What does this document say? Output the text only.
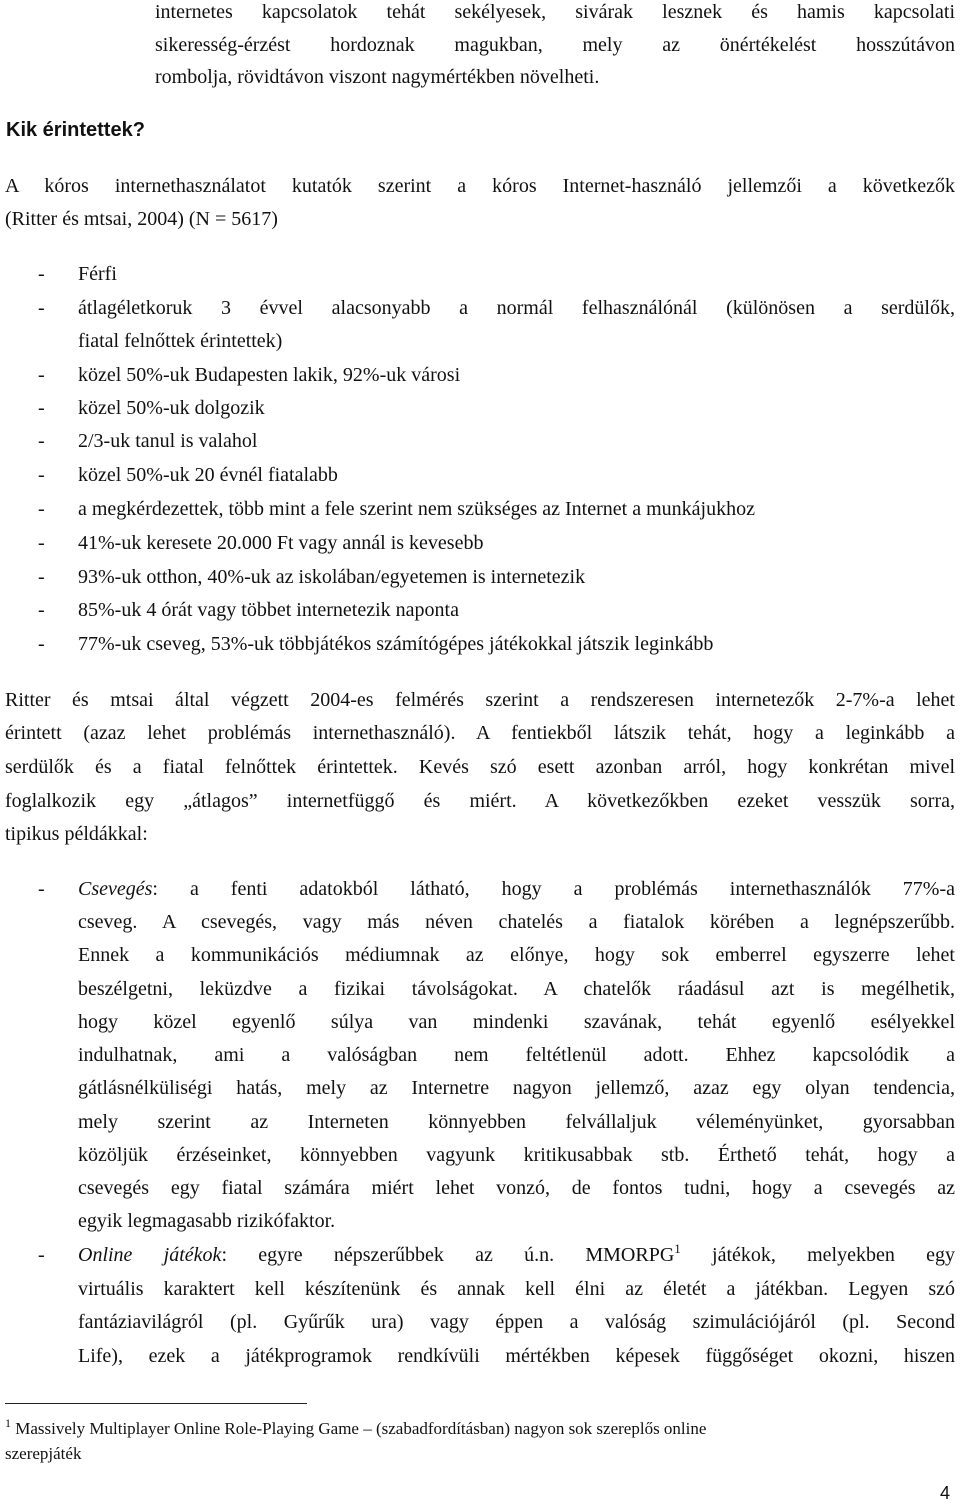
internetes kapcsolatok tehát sekélyesek, sivárak lesznek és hamis kapcsolati
sikeresség-érzést hordoznak magukban, mely az önértékelést hosszútávon
rombolja, rövidtávon viszont nagymértékben növelheti.
Kik érintettek?
A kóros internethasználatot kutatók szerint a kóros Internet-használó jellemzői a következők
(Ritter és mtsai, 2004) (N = 5617)
- Férfi
- átlagéletkoruk 3 évvel alacsonyabb a normál felhasználónál (különösen a serdülők,
fiatal felnőttek érintettek)
- közel 50%-uk Budapesten lakik, 92%-uk városi
- közel 50%-uk dolgozik
- 2/3-uk tanul is valahol
- közel 50%-uk 20 évnél fiatalabb
- a megkérdezettek, több mint a fele szerint nem szükséges az Internet a munkájukhoz
- 41%-uk keresete 20.000 Ft vagy annál is kevesebb
- 93%-uk otthon, 40%-uk az iskolában/egyetemen is internetezik
- 85%-uk 4 órát vagy többet internetezik naponta
- 77%-uk cseveg, 53%-uk többjátékos számítógépes játékokkal játszik leginkább
Ritter és mtsai által végzett 2004-es felmérés szerint a rendszeresen internetezők 2-7%-a lehet
érintett (azaz lehet problémás internethasználó). A fentiekből látszik tehát, hogy a leginkább a
serdülők és a fiatal felnőttek érintettek. Kevés szó esett azonban arról, hogy konkrétan mivel
foglalkozik egy „átlagos” internetfüggő és miért. A következőkben ezeket vesszük sorra,
tipikus példákkal:
- Csevegés: a fenti adatokból látható, hogy a problémás internethasználók 77%-a
cseveg. A csevegés, vagy más néven chatelés a fiatalok körében a legnépszerűbb.
Ennek a kommunikációs médiumnak az előnye, hogy sok emberrel egyszerre lehet
beszélgetni, leküzdve a fizikai távolságokat. A chatelők ráadásul azt is megélhetik,
hogy közel egyenlő súlya van mindenki szavának, tehát egyenlő esélyekkel
indulhatnak, ami a valóságban nem feltétlenül adott. Ehhez kapcsolódik a
gátlásnélküliségi hatás, mely az Internetre nagyon jellemző, azaz egy olyan tendencia,
mely szerint az Interneten könnyebben felvállaljuk véleményünket, gyorsabban
közöljük érzéseinket, könnyebben vagyunk kritikusabbak stb. Érthető tehát, hogy a
csevegés egy fiatal számára miért lehet vonzó, de fontos tudni, hogy a csevegés az
egyik legmagasabb rizikófaktor.
- Online játékok: egyre népszerűbbek az ú.n. MMORPG$^1$ játékok, melyekben egy
virtuális karaktert kell készítenünk és annak kell élni az életét a játékban. Legyen szó
fantáziavilágról (pl. Gyűrűk ura) vagy éppen a valóság szimulációjáról (pl. Second
Life), ezek a játékprogramok rendkívüli mértékben képesek függőséget okozni, hiszen
$^1$ Massively Multiplayer Online Role-Playing Game – (szabadfordításban) nagyon sok szereplős online
szerepjáték
4
